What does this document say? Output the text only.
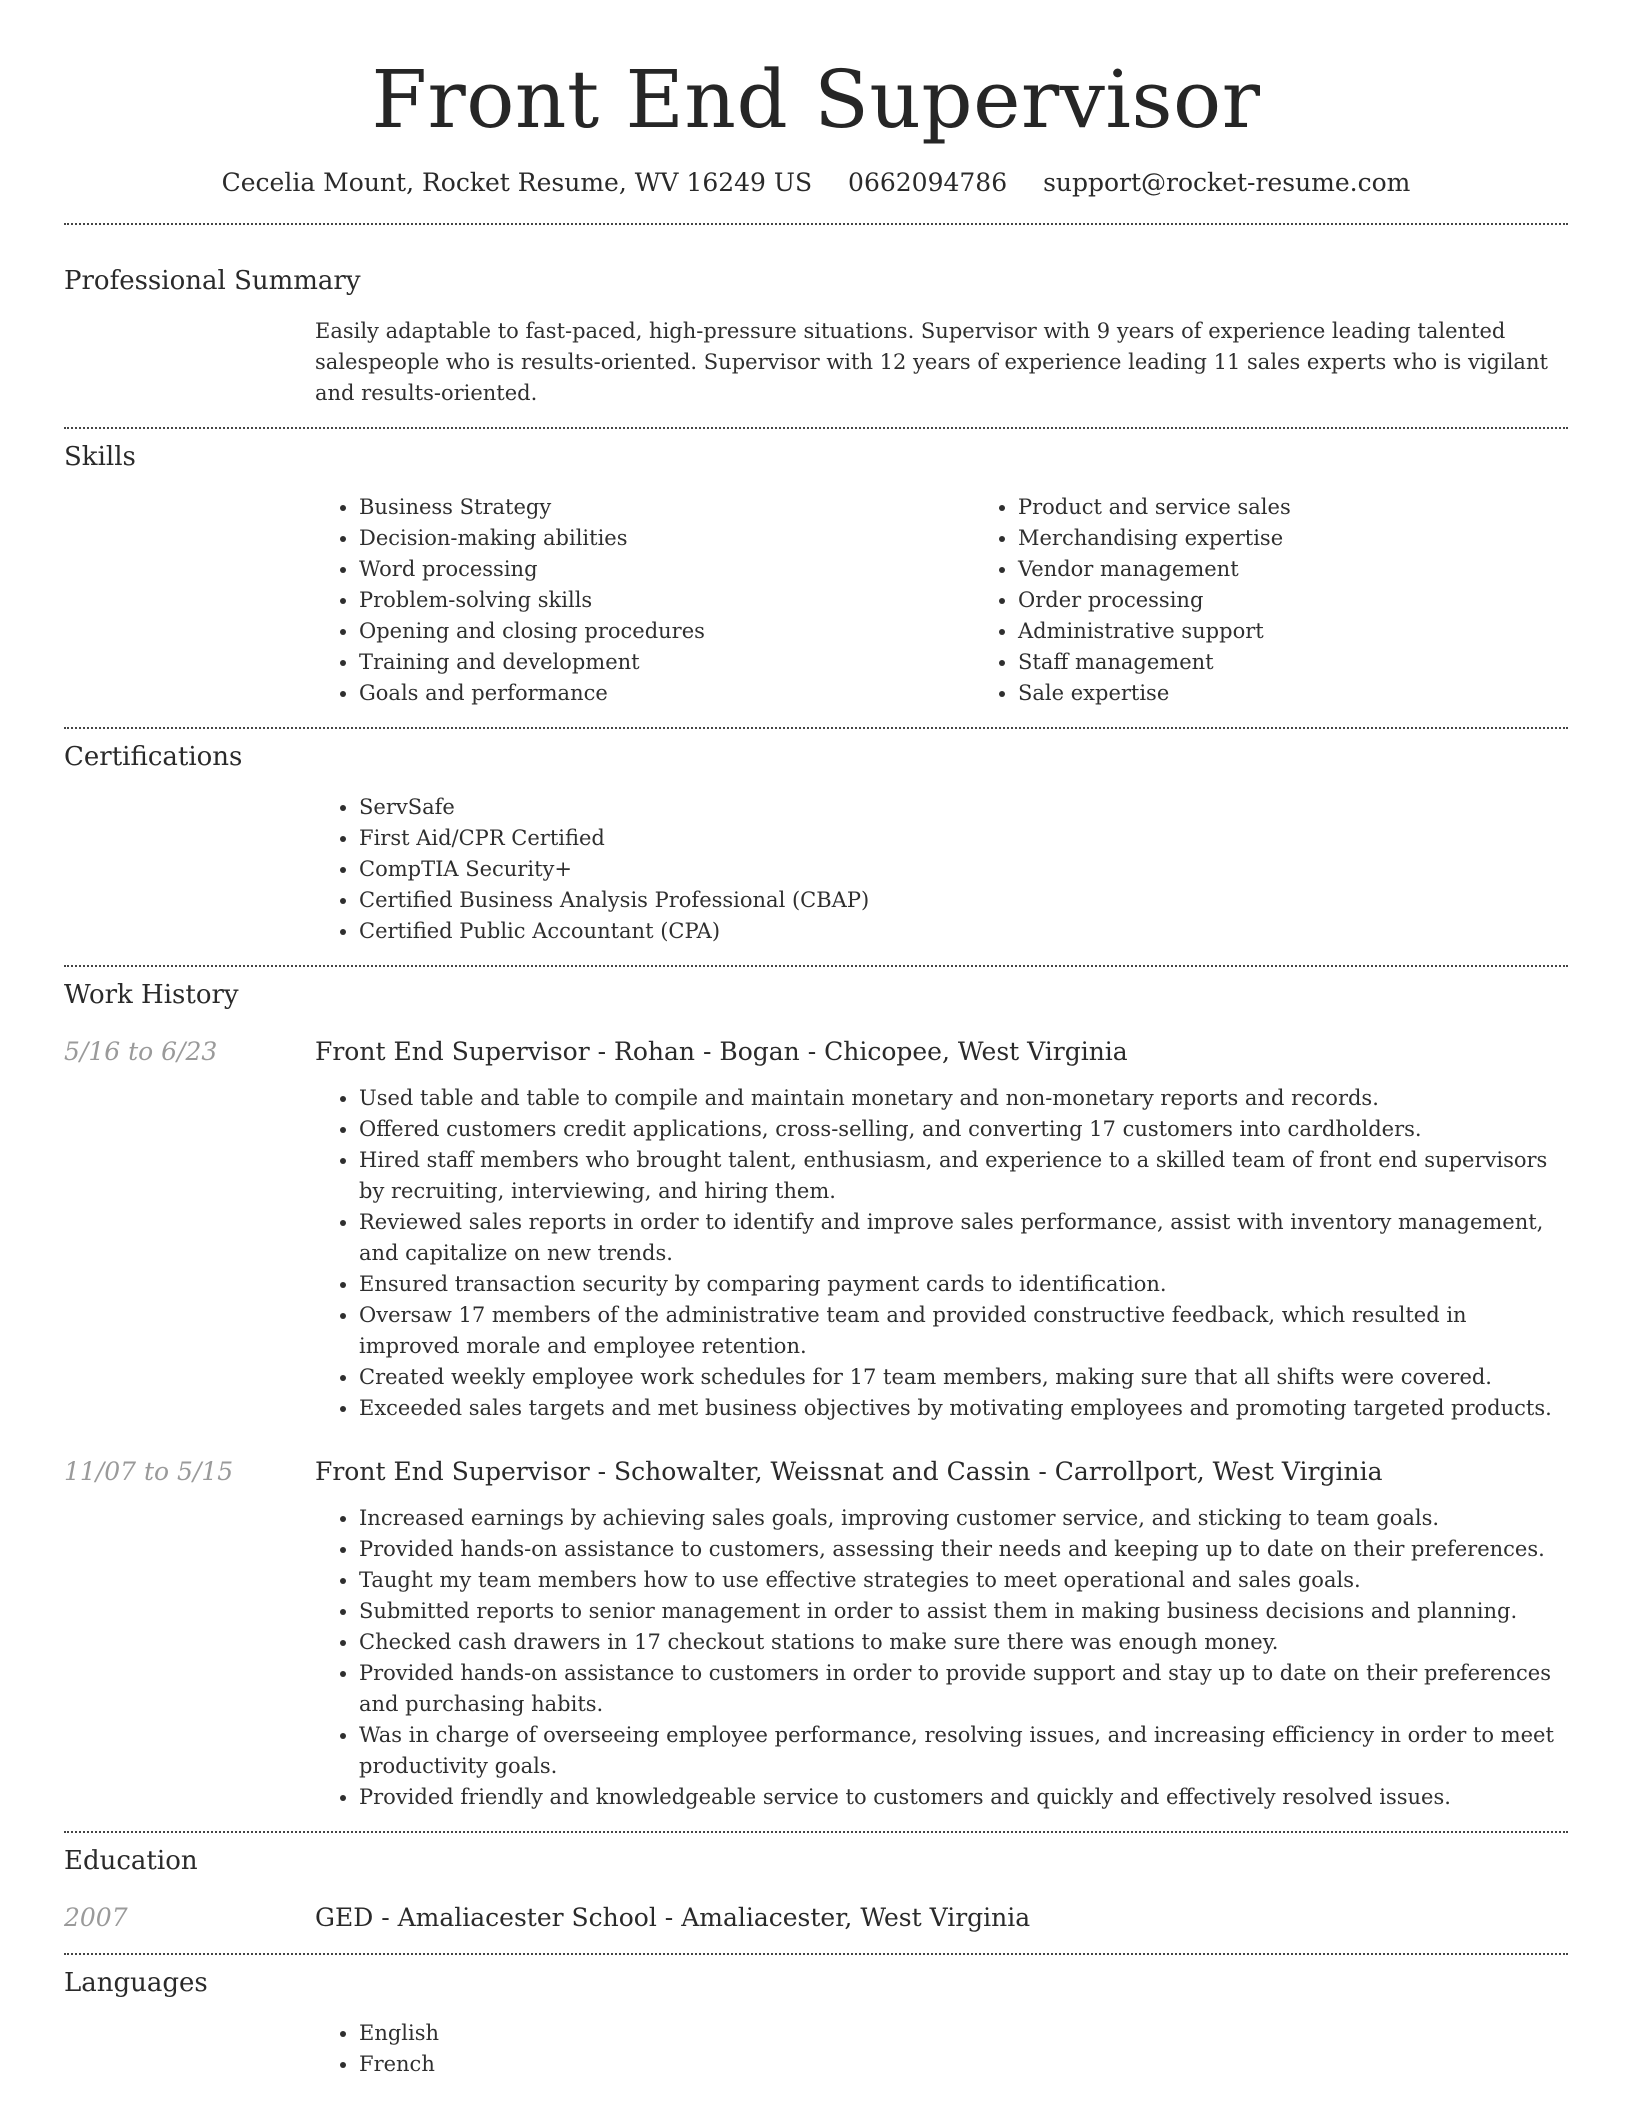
Front End Supervisor
Cecelia Mount, Rocket Resume, WV 16249 US 0662094786 support@rocket-resume.com
Professional Summary
Easily adaptable to fast-paced, high-pressure situations. Supervisor with 9 years of experience leading talented salespeople who is results-oriented. Supervisor with 12 years of experience leading 11 sales experts who is vigilant and results-oriented.
Skills
• Business Strategy
• Decision-making abilities
• Word processing
• Problem-solving skills
• Opening and closing procedures
• Training and development
• Goals and performance
• Product and service sales
• Merchandising expertise
• Vendor management
• Order processing
• Administrative support
• Staff management
• Sale expertise
Certifications
• ServSafe
• First Aid/CPR Certified
• CompTIA Security+
• Certified Business Analysis Professional (CBAP)
• Certified Public Accountant (CPA)
Work History
5/16 to 6/23	Front End Supervisor - Rohan - Bogan - Chicopee, West Virginia
• Used table and table to compile and maintain monetary and non-monetary reports and records.
• Offered customers credit applications, cross-selling, and converting 17 customers into cardholders.
• Hired staff members who brought talent, enthusiasm, and experience to a skilled team of front end supervisors by recruiting, interviewing, and hiring them.
• Reviewed sales reports in order to identify and improve sales performance, assist with inventory management, and capitalize on new trends.
• Ensured transaction security by comparing payment cards to identification.
• Oversaw 17 members of the administrative team and provided constructive feedback, which resulted in improved morale and employee retention.
• Created weekly employee work schedules for 17 team members, making sure that all shifts were covered.
• Exceeded sales targets and met business objectives by motivating employees and promoting targeted products.
11/07 to 5/15	Front End Supervisor - Schowalter, Weissnat and Cassin - Carrollport, West Virginia
• Increased earnings by achieving sales goals, improving customer service, and sticking to team goals.
• Provided hands-on assistance to customers, assessing their needs and keeping up to date on their preferences.
• Taught my team members how to use effective strategies to meet operational and sales goals.
• Submitted reports to senior management in order to assist them in making business decisions and planning.
• Checked cash drawers in 17 checkout stations to make sure there was enough money.
• Provided hands-on assistance to customers in order to provide support and stay up to date on their preferences and purchasing habits.
• Was in charge of overseeing employee performance, resolving issues, and increasing efficiency in order to meet productivity goals.
• Provided friendly and knowledgeable service to customers and quickly and effectively resolved issues.
Education
2007	GED - Amaliacester School - Amaliacester, West Virginia
Languages
• English
• French
